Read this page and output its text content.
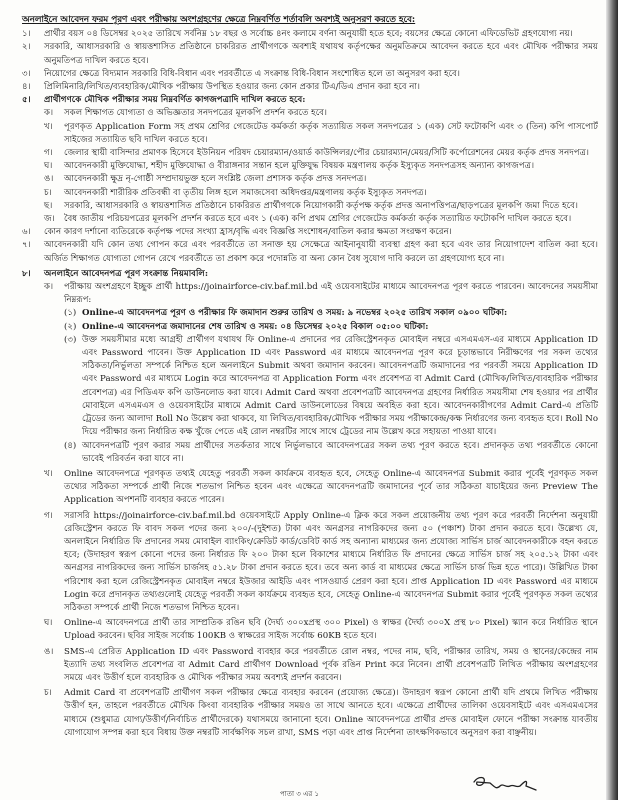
অনলাইনে আবেদন ফরম পূরণ এবং পরীক্ষায় অংশগ্রহণের ক্ষেত্রে নিম্নবর্ণিত শর্তাবলি অবশ্যই অনুসরণ করতে হবে:
১।	প্রার্থীর বয়স ০৪ ডিসেম্বর ২০২৫ তারিখে সর্বনিম্ন ১৮ বছর ও সর্বোচ্চ ৪নং কলামে বর্ণনা অনুযায়ী হতে হবে; বয়সের ক্ষেত্রে কোনো এফিডেভিট গ্রহণযোগ্য নয়।
২।	সরকারি, আধাসরকারি ও স্বায়ত্তশাসিত প্রতিষ্ঠানে চাকরিরত প্রার্থীগণকে অবশ্যই যথাযথ কর্তৃপক্ষের অনুমতিক্রমে আবেদন করতে হবে এবং মৌখিক পরীক্ষার সময় অনুমতিপত্র দাখিল করতে হবে।
৩।	নিয়োগের ক্ষেত্রে বিদ্যমান সরকারি বিধি-বিধান এবং পরবর্তীতে এ সংক্রান্ত বিধি-বিধান সংশোধিত হলে তা অনুসরণ করা হবে।
৪।	প্রিলিমিনারি/লিখিত/ব্যবহারিক/মৌখিক পরীক্ষায় উপস্থিত হওয়ার জন্য কোন প্রকার টিএ/ডিএ প্রদান করা হবে না।
৫।	প্রার্থীগণকে মৌখিক পরীক্ষার সময় নিম্নবর্ণিত কাগজপত্রাদি দাখিল করতে হবে:
ক।	সকল শিক্ষাগত যোগ্যতা ও অভিজ্ঞতার সনদপত্রের মূলকপি প্রদর্শন করতে হবে।
খ।	পূরণকৃত Application Form সহ প্রথম শ্রেণির গেজেটেড কর্মকর্তা কর্তৃক সত্যায়িত সকল সনদপত্রের ১ (এক) সেট ফটোকপি এবং ৩ (তিন) কপি পাসপোর্ট সাইজের সত্যায়িত ছবি দাখিল করতে হবে।
গ।	জেলার স্থায়ী বাসিন্দার প্রমাণক হিসেবে ইউনিয়ন পরিষদ চেয়ারম্যান/ওয়ার্ড কাউন্সিলর/পৌর চেয়ারম্যান/মেয়র/সিটি কর্পোরেশনের মেয়র কর্তৃক প্রদত্ত সনদপত্র।
ঘ।	আবেদনকারী মুক্তিযোদ্ধা, শহীদ মুক্তিযোদ্ধা ও বীরাঙ্গনার সন্তান হলে মুক্তিযুদ্ধ বিষয়ক মন্ত্রণালয় কর্তৃক ইস্যুকৃত সনদপত্রসহ অন্যান্য কাগজপত্র।
ঙ।	আবেদনকারী ক্ষুদ্র নৃ-গোষ্ঠী সম্প্রদায়ভুক্ত হলে সংশ্লিষ্ট জেলা প্রশাসক কর্তৃক প্রদত্ত সনদপত্র।
চ।	আবেদনকারী শারীরিক প্রতিবন্ধী বা তৃতীয় লিঙ্গ হলে সমাজসেবা অধিদপ্তর/মন্ত্রণালয় কর্তৃক ইস্যুকৃত সনদপত্র।
ছ।	সরকারি, আধাসরকারি ও স্বায়ত্তশাসিত প্রতিষ্ঠানে চাকরিরত প্রার্থীগণকে নিয়োগকারী কর্তৃপক্ষ কর্তৃক প্রদত্ত অনাপত্তিপত্র/ছাড়পত্রের মূলকপি জমা দিতে হবে।
জ।	বৈধ জাতীয় পরিচয়পত্রের মূলকপি প্রদর্শন করতে হবে এবং ১ (এক) কপি প্রথম শ্রেণির গেজেটেড কর্মকর্তা কর্তৃক সত্যায়িত ফটোকপি দাখিল করতে হবে।
৬।	কোন কারণ দর্শানো ব্যতিরেকে কর্তৃপক্ষ পদের সংখ্যা হ্রাস/বৃদ্ধি এবং বিজ্ঞপ্তি সংশোধন/বাতিল করার ক্ষমতা সংরক্ষণ করেন।
৭।	আবেদনকারী যদি কোন তথ্য গোপন করে এবং পরবর্তীতে তা সনাক্ত হয় সেক্ষেত্রে আইনানুযায়ী ব্যবস্থা গ্রহণ করা হবে এবং তার নিয়োগাদেশ বাতিল করা হবে। অর্জিত শিক্ষাগত যোগ্যতা গোপন রেখে পরবর্তীতে তা প্রকাশ করে পদোন্নতি বা অন্য কোন বৈধ সুযোগ দাবি করলে তা গ্রহণযোগ্য হবে না।
৮।	অনলাইনে আবেদনপত্র পূরণ সংক্রান্ত নিয়মাবলি:
ক।	পরীক্ষায় অংশগ্রহণে ইচ্ছুক প্রার্থী https://joinairforce-civ.baf.mil.bd এই ওয়েবসাইটের মাধ্যমে আবেদনপত্র পূরণ করতে পারবেন। আবেদনের সময়সীমা নিম্নরূপ:
(১) Online-এ আবেদনপত্র পূরণ ও পরীক্ষার ফি জমাদান শুরুর তারিখ ও সময়: ৯ নভেম্বর ২০২৫ তারিখ সকাল ০৯০০ ঘটিকা:
(২) Online-এ আবেদনপত্র জমাদানের শেষ তারিখ ও সময়: ০৪ ডিসেম্বর ২০২৫ বিকাল ০৫:০০ ঘটিকা:
(৩) উক্ত সময়সীমার মধ্যে আগ্রহী প্রার্থীগণ যথাযথ ফি Online-এ প্রদানের পর রেজিস্ট্রেশনকৃত মোবাইল নম্বরে এসএমএস-এর মাধ্যমে Application ID এবং Password পাবেন। উক্ত Application ID এবং Password এর মাধ্যমে আবেদনপত্র পূরণ করে চূড়ান্তভাবে নিরীক্ষণের পর সকল তথ্যের সঠিকতা/নির্ভুলতা সম্পর্কে নিশ্চিত হলে অনলাইনে Submit অথবা জমাদান করবেন। আবেদনপত্রটি জমাদানের পর পরবর্তী সময়ে Application ID এবং Password এর মাধ্যমে Login করে আবেদনপত্র বা Application Form এবং প্রবেশপত্র বা Admit Card (মৌখিক/লিখিত/ব্যবহারিক পরীক্ষার প্রবেশপত্র) এর পিডিএফ কপি ডাউনলোড করা যাবে। Admit Card অথবা প্রবেশপত্রটি আবেদনপত্র গ্রহণের নির্ধারিত সময়সীমা শেষ হওয়ার পর প্রার্থীর মোবাইলে এসএমএস ও ওয়েবসাইটের মাধ্যমে Admit Card ডাউনলোডের বিষয়ে অবহিত করা হবে। আবেদনকারীগণের Admit Card-এ প্রতিটি ট্রেডের জন্য আলাদা Roll No উল্লেখ করা থাকবে, যা লিখিত/ব্যবহারিক/মৌখিক পরীক্ষার সময় পরীক্ষাকেন্দ্র/কক্ষ নির্ধারণের জন্য ব্যবহৃত হবে। Roll No দিয়ে পরীক্ষার জন্য নির্ধারিত কক্ষ খুঁজে পেতে এই রোল নম্বরটির সাথে সাথে ট্রেডের নাম উল্লেখ করে সহায়তা পাওয়া যাবে।
(৪) আবেদনপত্রটি পূরণ করার সময় প্রার্থীদের সতর্কতার সাথে নির্ভুলভাবে আবেদনপত্রের সকল তথ্য পূরণ করতে হবে। প্রদানকৃত তথ্য পরবর্তীতে কোনো ভাবেই পরিবর্তন করা যাবে না।
খ।	Online আবেদনপত্রে পূরণকৃত তথ্যই যেহেতু পরবর্তী সকল কার্যক্রমে ব্যবহৃত হবে, সেহেতু Online-এ আবেদনপত্র Submit করার পূর্বেই পূরণকৃত সকল তথ্যের সঠিকতা সম্পর্কে প্রার্থী নিজে শতভাগ নিশ্চিত হবেন এবং এক্ষেত্রে আবেদনপত্রটি জমাদানের পূর্বে তার সঠিকতা যাচাইয়ের জন্য Preview The Application অপশনটি ব্যবহার করতে পারেন।
গ।	সরাসরি https://joinairforce-civ.baf.mil.bd ওয়েবসাইটে Apply Online-এ ক্লিক করে সকল প্রয়োজনীয় তথ্য পূরণ করে পরবর্তী নির্দেশনা অনুযায়ী রেজিস্ট্রেশন করতে ফি বাবদ সকল পদের জন্য ২০০/-(দুইশত) টাকা এবং অনগ্রসর নাগরিকদের জন্য ৫০ (পঞ্চাশ) টাকা প্রদান করতে হবে। উল্লেখ্য যে, অনলাইনে নির্ধারিত ফি প্রদানের সময় মোবাইল ব্যাংকিং/ক্রেডিট কার্ড/ডেবিট কার্ড সহ অন্যান্য মাধ্যমের জন্য প্রযোজ্য সার্ভিস চার্জ আবেদনকারীকে বহন করতে হবে; (উদাহরণ স্বরূপ কোনো পদের জন্য নির্ধারত ফি ২০০ টাকা হলে বিকাশের মাধ্যমে নির্ধারিত ফি প্রদানের ক্ষেত্রে সার্ভিস চার্জ সহ ২০৫.১২ টাকা এবং অনগ্রসর নাগরিকদের জন্য সার্ভিস চার্জসহ ৫১.২৮ টাকা প্রদান করতে হবে। তবে অন্য কার্ড বা মাধ্যমের ক্ষেত্রে সার্ভিস চার্জ ভিন্ন হতে পারে)। উল্লিখিত টাকা পরিশোধ করা হলে রেজিস্ট্রেশনকৃত মোবাইল নম্বরে ইউজার আইডি এবং পাসওয়ার্ড প্রেরণ করা হবে। প্রাপ্ত Application ID এবং Password এর মাধ্যমে Login করে প্রদানকৃত তথ্যগুলোই যেহেতু পরবর্তী সকল কার্যক্রমে ব্যবহৃত হবে, সেহেতু Online-এ আবেদনপত্র Submit করার পূর্বেই পূরণকৃত সকল তথ্যের সঠিকতা সম্পর্কে প্রার্থী নিজে শতভাগ নিশ্চিত হবেন।
ঘ।	Online-এ আবেদনপত্রে প্রার্থী তার সাম্প্রতিক রঙিন ছবি (দৈর্ঘ্য ৩০০xপ্রস্থ ৩০০ Pixel) ও স্বাক্ষর (দৈর্ঘ্য ৩০০X প্রস্থ ৮০ Pixel) স্ক্যান করে নির্ধারিত স্থানে Upload করবেন। ছবির সাইজ সর্বোচ্চ 100KB ও স্বাক্ষরের সাইজ সর্বোচ্চ 60KB হতে হবে।
ঙ।	SMS-এ প্রেরিত Application ID এবং Password ব্যবহার করে পরবর্তীতে রোল নম্বর, পদের নাম, ছবি, পরীক্ষার তারিখ, সময় ও স্থানের/কেন্দ্রের নাম ইত্যাদি তথ্য সংবলিত প্রবেশপত্র বা Admit Card প্রার্থীগণ Download পূর্বক রঙিন Print করে নিবেন। প্রার্থী প্রবেশপত্রটি লিখিত পরীক্ষায় অংশগ্রহণের সময়ে এবং উত্তীর্ণ হলে ব্যবহারিক ও মৌখিক পরীক্ষার সময় অবশ্যই প্রদর্শন করবেন।
চ।	Admit Card বা প্রবেশপত্রটি প্রার্থীগণ সকল পরীক্ষার ক্ষেত্রে ব্যবহার করবেন (প্রযোজ্য ক্ষেত্রে)। উদাহরণ স্বরূপ কোনো প্রার্থী যদি প্রথমে লিখিত পরীক্ষায় উত্তীর্ণ হন, তাহলে পরবর্তীতে মৌখিক কিংবা ব্যবহারিক পরীক্ষার সময়ও তা সাথে আনতে হবে। এক্ষেত্রে প্রার্থীদের তালিকা ওয়েবসাইটে এবং এসএমএসের মাধ্যমে (শুধুমাত্র যোগ্য/উত্তীর্ণ/নির্বাচিত প্রার্থীদেরকে) যথাসময়ে জানানো হবে। Online আবেদনপত্রে প্রার্থীর প্রদত্ত মোবাইল ফোনে পরীক্ষা সংক্রান্ত যাবতীয় যোগাযোগ সম্পন্ন করা হবে বিধায় উক্ত নম্বরটি সার্বক্ষণিক সচল রাখা, SMS পড়া এবং প্রাপ্ত নির্দেশনা তাৎক্ষণিকভাবে অনুসরণ করা বাঞ্ছনীয়।
পাতা ৩ এর ১
